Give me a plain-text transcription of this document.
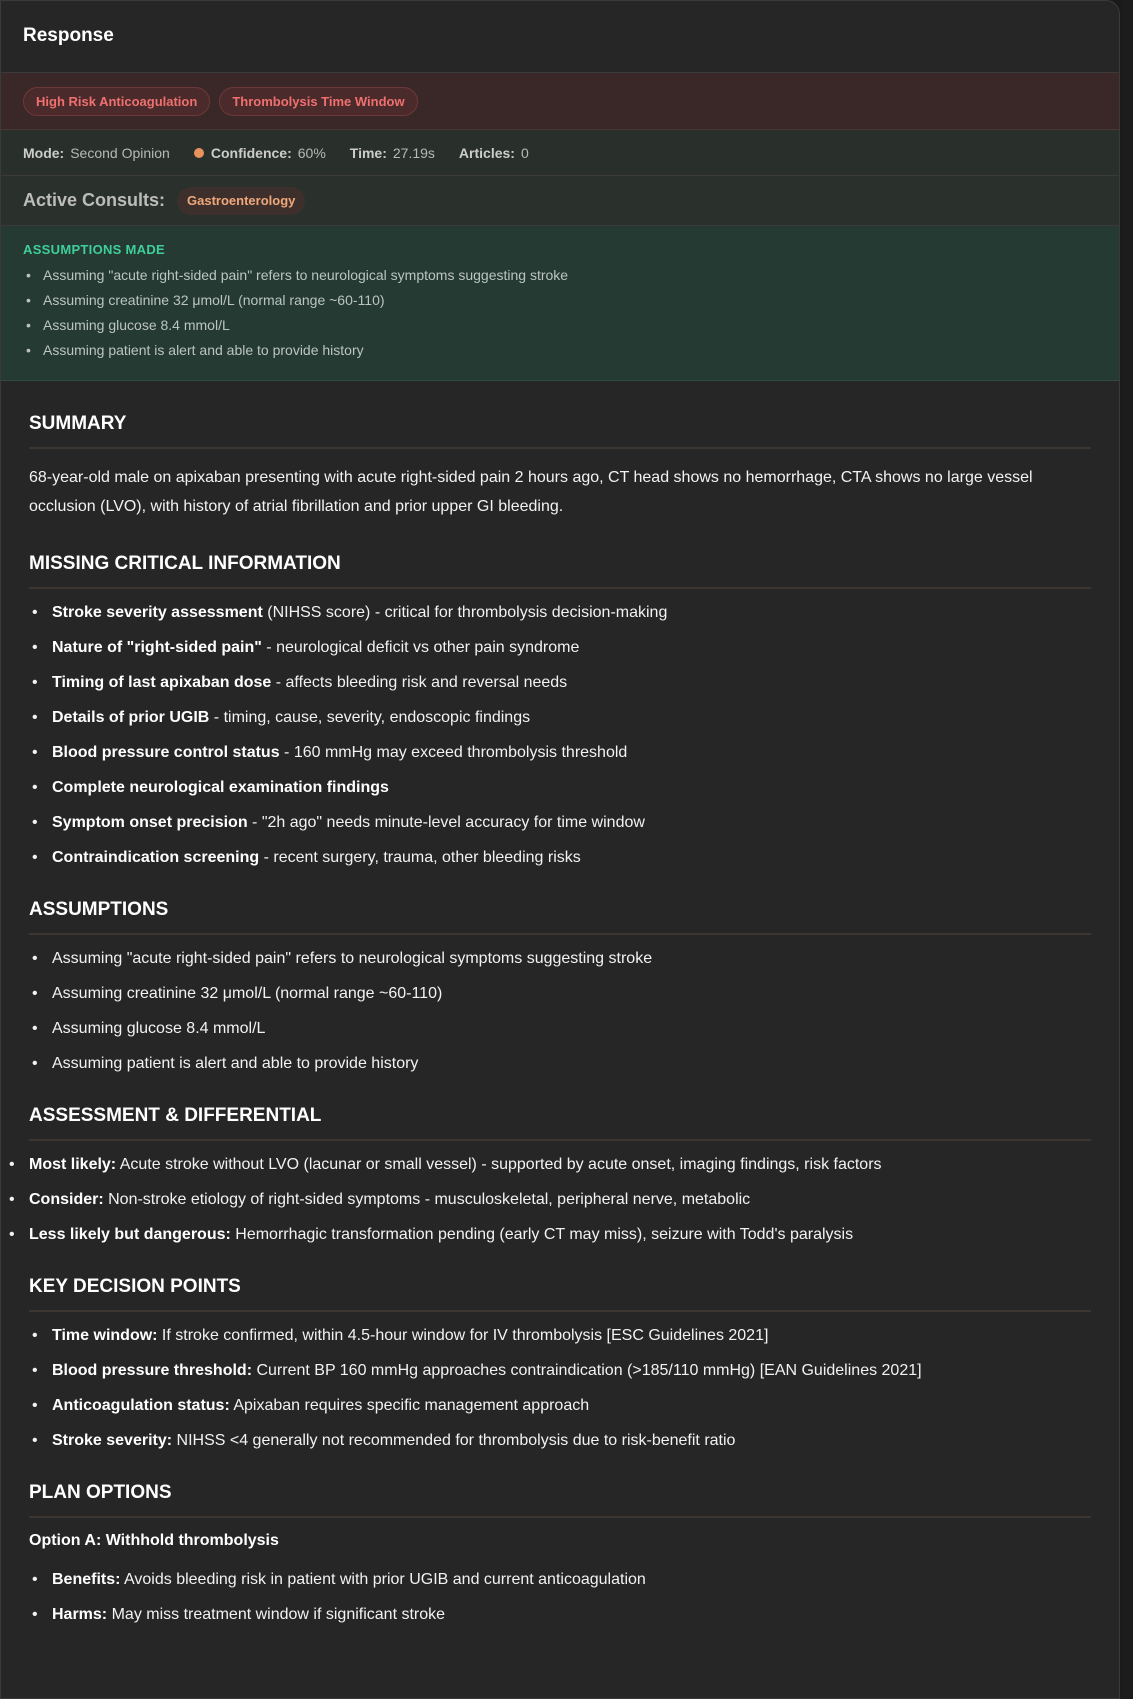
Response
High Risk Anticoagulation	Thrombolysis Time Window
Mode: Second Opinion	Confidence: 60% Time: 27.19s Articles: 0
Active Consults:	Gastroenterology
ASSUMPTIONS MADE
• Assuming "acute right-sided pain" refers to neurological symptoms suggesting stroke
• Assuming creatinine 32 μmol/L (normal range ~60-110)
• Assuming glucose 8.4 mmol/L
• Assuming patient is alert and able to provide history
SUMMARY

68-year-old male on apixaban presenting with acute right-sided pain 2 hours ago, CT head shows no hemorrhage, CTA shows no large vessel occlusion (LVO), with history of atrial fibrillation and prior upper GI bleeding.

MISSING CRITICAL INFORMATION
• Stroke severity assessment (NIHSS score) - critical for thrombolysis decision-making
• Nature of "right-sided pain" - neurological deficit vs other pain syndrome
• Timing of last apixaban dose - affects bleeding risk and reversal needs
• Details of prior UGIB - timing, cause, severity, endoscopic findings
• Blood pressure control status - 160 mmHg may exceed thrombolysis threshold
• Complete neurological examination findings
• Symptom onset precision - "2h ago" needs minute-level accuracy for time window
• Contraindication screening - recent surgery, trauma, other bleeding risks
ASSUMPTIONS
• Assuming "acute right-sided pain" refers to neurological symptoms suggesting stroke
• Assuming creatinine 32 μmol/L (normal range ~60-110)
• Assuming glucose 8.4 mmol/L
• Assuming patient is alert and able to provide history
ASSESSMENT & DIFFERENTIAL
• Most likely: Acute stroke without LVO (lacunar or small vessel) - supported by acute onset, imaging findings, risk factors
• Consider: Non-stroke etiology of right-sided symptoms - musculoskeletal, peripheral nerve, metabolic
• Less likely but dangerous: Hemorrhagic transformation pending (early CT may miss), seizure with Todd's paralysis
KEY DECISION POINTS
• Time window: If stroke confirmed, within 4.5-hour window for IV thrombolysis [ESC Guidelines 2021]
• Blood pressure threshold: Current BP 160 mmHg approaches contraindication (>185/110 mmHg) [EAN Guidelines 2021]
• Anticoagulation status: Apixaban requires specific management approach
• Stroke severity: NIHSS <4 generally not recommended for thrombolysis due to risk-benefit ratio
PLAN OPTIONS
Option A: Withhold thrombolysis
• Benefits: Avoids bleeding risk in patient with prior UGIB and current anticoagulation
• Harms: May miss treatment window if significant stroke
